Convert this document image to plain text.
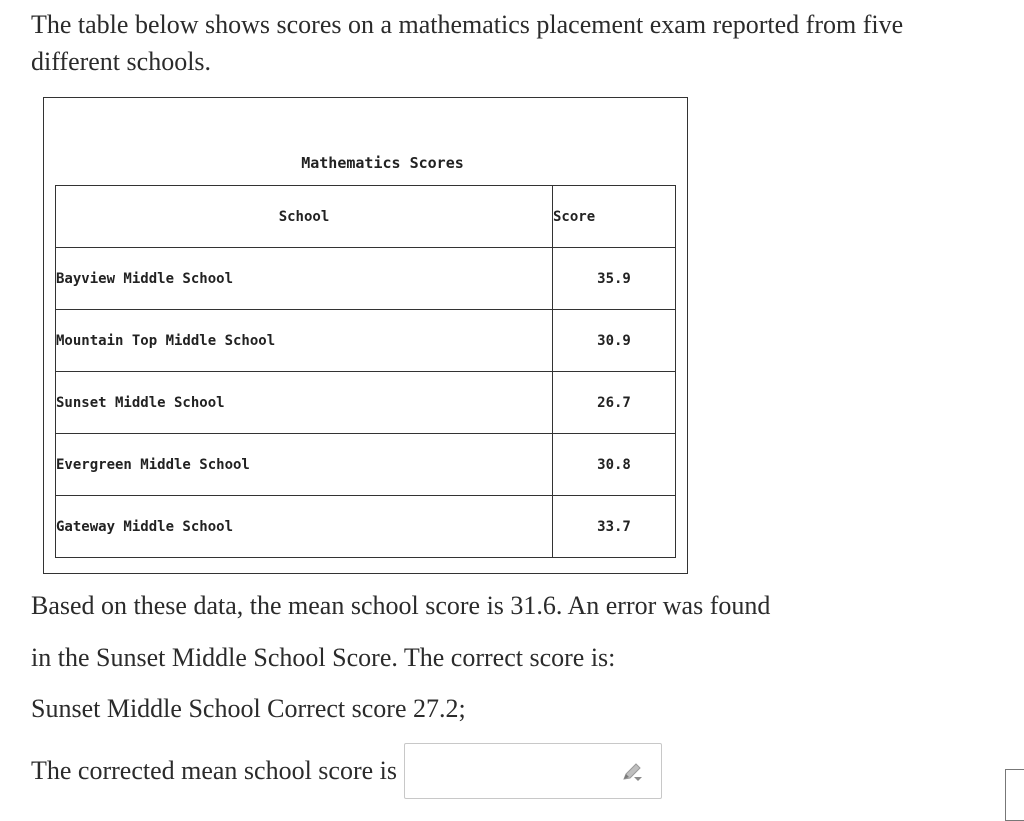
The table below shows scores on a mathematics placement exam reported from five different schools.
Mathematics Scores
School	Score
Bayview Middle School	35.9
Mountain Top Middle School	30.9
Sunset Middle School	26.7
Evergreen Middle School	30.8
Gateway Middle School	33.7
Based on these data, the mean school score is 31.6. An error was found
in the Sunset Middle School Score. The correct score is:
Sunset Middle School Correct score 27.2;
The corrected mean school score is
